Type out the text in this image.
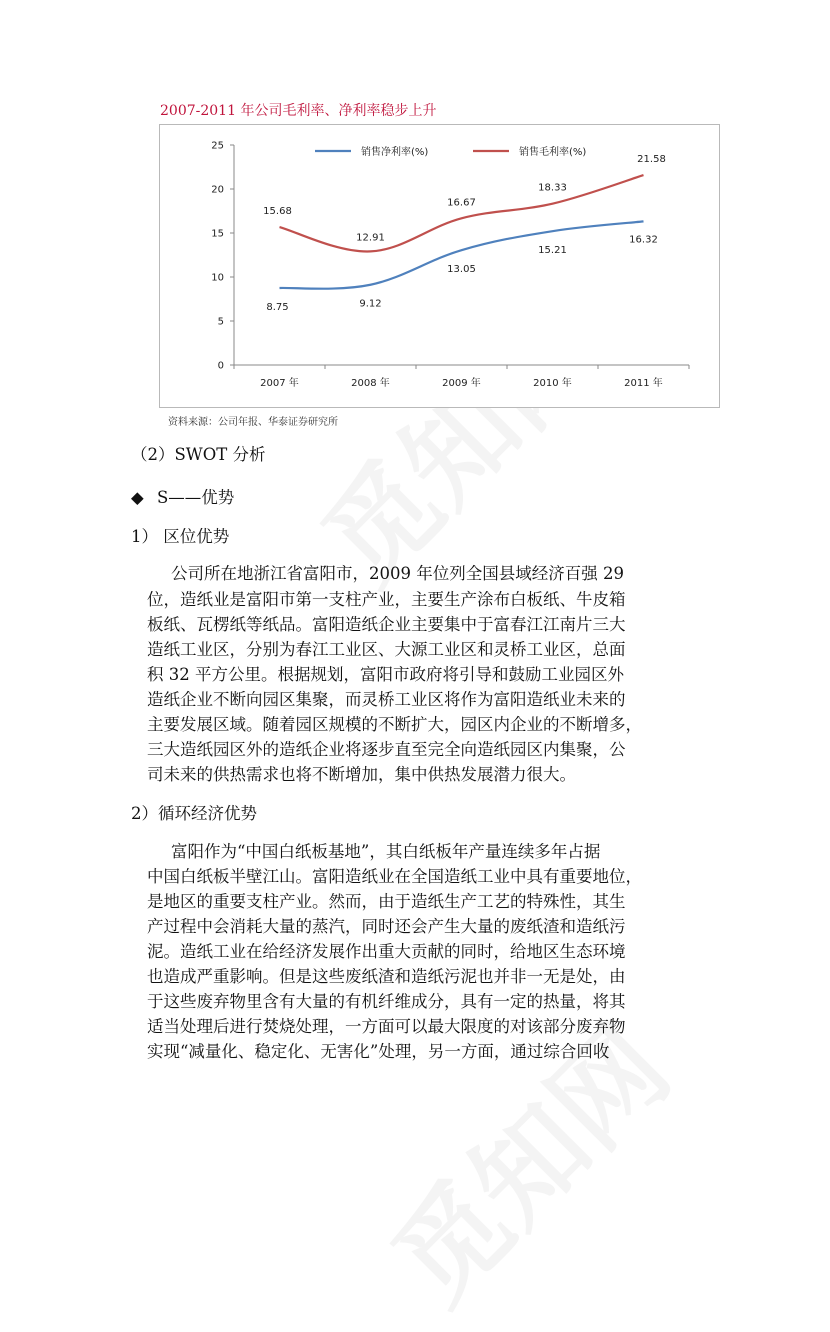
2007-2011 年公司毛利率、净利率稳步上升
0
5
10
15
20
25
2007 年	2008 年	2009 年	2010 年	2011 年
8.75	9.12
13.05
15.21
16.32
15.68
12.91
16.67
18.33
21.58
销售净利率(%)	销售毛利率(%)
资料来源：公司年报、华泰证券研究所
（2）SWOT 分析
◆ S——优势
1） 区位优势
公司所在地浙江省富阳市，2009 年位列全国县域经济百强 29
位，造纸业是富阳市第一支柱产业，主要生产涂布白板纸、牛皮箱
板纸、瓦楞纸等纸品。富阳造纸企业主要集中于富春江江南片三大
造纸工业区，分别为春江工业区、大源工业区和灵桥工业区，总面
积 32 平方公里。根据规划，富阳市政府将引导和鼓励工业园区外
造纸企业不断向园区集聚，而灵桥工业区将作为富阳造纸业未来的
主要发展区域。随着园区规模的不断扩大，园区内企业的不断增多，
三大造纸园区外的造纸企业将逐步直至完全向造纸园区内集聚，公
司未来的供热需求也将不断增加，集中供热发展潜力很大。
2）循环经济优势
富阳作为“中国白纸板基地”，其白纸板年产量连续多年占据
中国白纸板半壁江山。富阳造纸业在全国造纸工业中具有重要地位，
是地区的重要支柱产业。然而，由于造纸生产工艺的特殊性，其生
产过程中会消耗大量的蒸汽，同时还会产生大量的废纸渣和造纸污
泥。造纸工业在给经济发展作出重大贡献的同时，给地区生态环境
也造成严重影响。但是这些废纸渣和造纸污泥也并非一无是处，由
于这些废弃物里含有大量的有机纤维成分，具有一定的热量，将其
适当处理后进行焚烧处理，一方面可以最大限度的对该部分废弃物
实现“减量化、稳定化、无害化”处理，另一方面，通过综合回收
